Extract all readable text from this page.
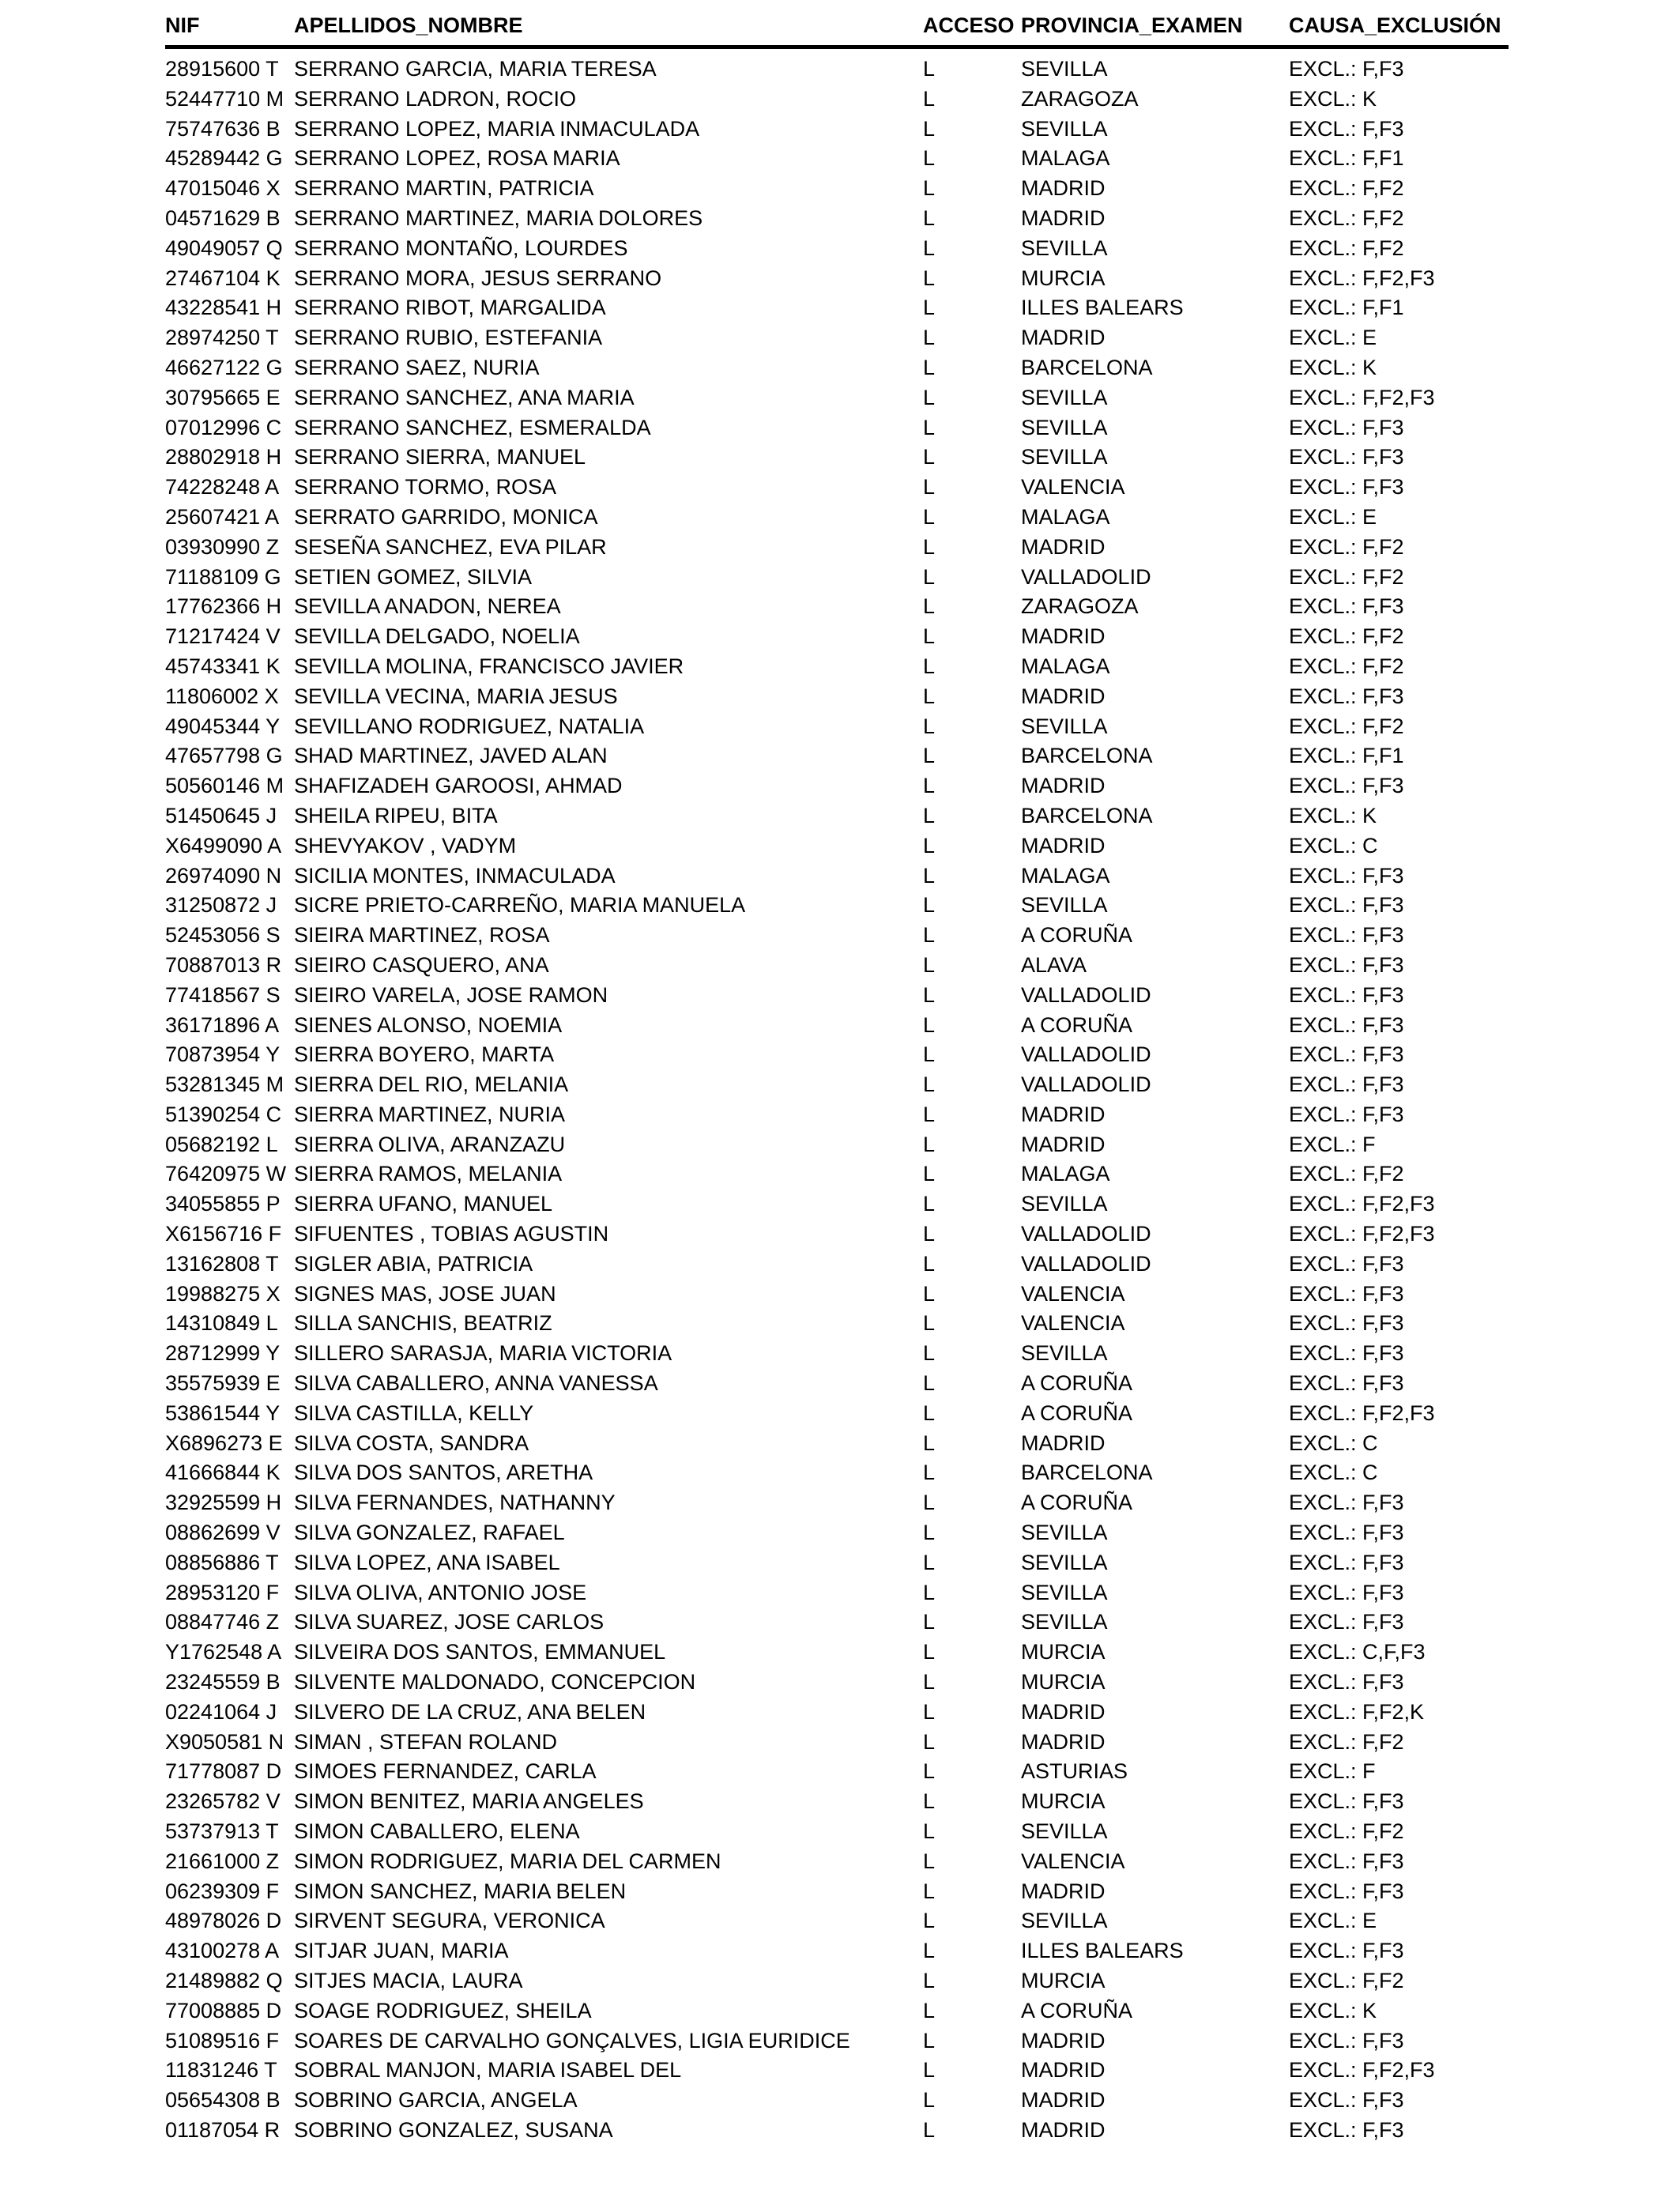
NIF	APELLIDOS_NOMBRE	ACCESO PROVINCIA_EXAMEN	CAUSA_EXCLUSIÓN
28915600 T SERRANO GARCIA, MARIA TERESA	L	SEVILLA	EXCL.: F,F3
52447710 M SERRANO LADRON, ROCIO	L	ZARAGOZA	EXCL.: K
75747636 B SERRANO LOPEZ, MARIA INMACULADA	L	SEVILLA	EXCL.: F,F3
45289442 G SERRANO LOPEZ, ROSA MARIA	L	MALAGA	EXCL.: F,F1
47015046 X SERRANO MARTIN, PATRICIA	L	MADRID	EXCL.: F,F2
04571629 B SERRANO MARTINEZ, MARIA DOLORES	L	MADRID	EXCL.: F,F2
49049057 Q SERRANO MONTAÑO, LOURDES	L	SEVILLA	EXCL.: F,F2
27467104 K SERRANO MORA, JESUS SERRANO	L	MURCIA	EXCL.: F,F2,F3
43228541 H SERRANO RIBOT, MARGALIDA	L	ILLES BALEARS	EXCL.: F,F1
28974250 T SERRANO RUBIO, ESTEFANIA	L	MADRID	EXCL.: E
46627122 G SERRANO SAEZ, NURIA	L	BARCELONA	EXCL.: K
30795665 E SERRANO SANCHEZ, ANA MARIA	L	SEVILLA	EXCL.: F,F2,F3
07012996 C SERRANO SANCHEZ, ESMERALDA	L	SEVILLA	EXCL.: F,F3
28802918 H SERRANO SIERRA, MANUEL	L	SEVILLA	EXCL.: F,F3
74228248 A SERRANO TORMO, ROSA	L	VALENCIA	EXCL.: F,F3
25607421 A SERRATO GARRIDO, MONICA	L	MALAGA	EXCL.: E
03930990 Z SESEÑA SANCHEZ, EVA PILAR	L	MADRID	EXCL.: F,F2
71188109 G SETIEN GOMEZ, SILVIA	L	VALLADOLID	EXCL.: F,F2
17762366 H SEVILLA ANADON, NEREA	L	ZARAGOZA	EXCL.: F,F3
71217424 V SEVILLA DELGADO, NOELIA	L	MADRID	EXCL.: F,F2
45743341 K SEVILLA MOLINA, FRANCISCO JAVIER	L	MALAGA	EXCL.: F,F2
11806002 X SEVILLA VECINA, MARIA JESUS	L	MADRID	EXCL.: F,F3
49045344 Y SEVILLANO RODRIGUEZ, NATALIA	L	SEVILLA	EXCL.: F,F2
47657798 G SHAD MARTINEZ, JAVED ALAN	L	BARCELONA	EXCL.: F,F1
50560146 M SHAFIZADEH GAROOSI, AHMAD	L	MADRID	EXCL.: F,F3
51450645 J SHEILA RIPEU, BITA	L	BARCELONA	EXCL.: K
X6499090 A SHEVYAKOV , VADYM	L	MADRID	EXCL.: C
26974090 N SICILIA MONTES, INMACULADA	L	MALAGA	EXCL.: F,F3
31250872 J SICRE PRIETO-CARREÑO, MARIA MANUELA	L	SEVILLA	EXCL.: F,F3
52453056 S SIEIRA MARTINEZ, ROSA	L	A CORUÑA	EXCL.: F,F3
70887013 R SIEIRO CASQUERO, ANA	L	ALAVA	EXCL.: F,F3
77418567 S SIEIRO VARELA, JOSE RAMON	L	VALLADOLID	EXCL.: F,F3
36171896 A SIENES ALONSO, NOEMIA	L	A CORUÑA	EXCL.: F,F3
70873954 Y SIERRA BOYERO, MARTA	L	VALLADOLID	EXCL.: F,F3
53281345 M SIERRA DEL RIO, MELANIA	L	VALLADOLID	EXCL.: F,F3
51390254 C SIERRA MARTINEZ, NURIA	L	MADRID	EXCL.: F,F3
05682192 L SIERRA OLIVA, ARANZAZU	L	MADRID	EXCL.: F
76420975 W SIERRA RAMOS, MELANIA	L	MALAGA	EXCL.: F,F2
34055855 P SIERRA UFANO, MANUEL	L	SEVILLA	EXCL.: F,F2,F3
X6156716 F SIFUENTES , TOBIAS AGUSTIN	L	VALLADOLID	EXCL.: F,F2,F3
13162808 T SIGLER ABIA, PATRICIA	L	VALLADOLID	EXCL.: F,F3
19988275 X SIGNES MAS, JOSE JUAN	L	VALENCIA	EXCL.: F,F3
14310849 L SILLA SANCHIS, BEATRIZ	L	VALENCIA	EXCL.: F,F3
28712999 Y SILLERO SARASJA, MARIA VICTORIA	L	SEVILLA	EXCL.: F,F3
35575939 E SILVA CABALLERO, ANNA VANESSA	L	A CORUÑA	EXCL.: F,F3
53861544 Y SILVA CASTILLA, KELLY	L	A CORUÑA	EXCL.: F,F2,F3
X6896273 E SILVA COSTA, SANDRA	L	MADRID	EXCL.: C
41666844 K SILVA DOS SANTOS, ARETHA	L	BARCELONA	EXCL.: C
32925599 H SILVA FERNANDES, NATHANNY	L	A CORUÑA	EXCL.: F,F3
08862699 V SILVA GONZALEZ, RAFAEL	L	SEVILLA	EXCL.: F,F3
08856886 T SILVA LOPEZ, ANA ISABEL	L	SEVILLA	EXCL.: F,F3
28953120 F SILVA OLIVA, ANTONIO JOSE	L	SEVILLA	EXCL.: F,F3
08847746 Z SILVA SUAREZ, JOSE CARLOS	L	SEVILLA	EXCL.: F,F3
Y1762548 A SILVEIRA DOS SANTOS, EMMANUEL	L	MURCIA	EXCL.: C,F,F3
23245559 B SILVENTE MALDONADO, CONCEPCION	L	MURCIA	EXCL.: F,F3
02241064 J SILVERO DE LA CRUZ, ANA BELEN	L	MADRID	EXCL.: F,F2,K
X9050581 N SIMAN , STEFAN ROLAND	L	MADRID	EXCL.: F,F2
71778087 D SIMOES FERNANDEZ, CARLA	L	ASTURIAS	EXCL.: F
23265782 V SIMON BENITEZ, MARIA ANGELES	L	MURCIA	EXCL.: F,F3
53737913 T SIMON CABALLERO, ELENA	L	SEVILLA	EXCL.: F,F2
21661000 Z SIMON RODRIGUEZ, MARIA DEL CARMEN	L	VALENCIA	EXCL.: F,F3
06239309 F SIMON SANCHEZ, MARIA BELEN	L	MADRID	EXCL.: F,F3
48978026 D SIRVENT SEGURA, VERONICA	L	SEVILLA	EXCL.: E
43100278 A SITJAR JUAN, MARIA	L	ILLES BALEARS	EXCL.: F,F3
21489882 Q SITJES MACIA, LAURA	L	MURCIA	EXCL.: F,F2
77008885 D SOAGE RODRIGUEZ, SHEILA	L	A CORUÑA	EXCL.: K
51089516 F SOARES DE CARVALHO GONÇALVES, LIGIA EURIDICE	L	MADRID	EXCL.: F,F3
11831246 T SOBRAL MANJON, MARIA ISABEL DEL	L	MADRID	EXCL.: F,F2,F3
05654308 B SOBRINO GARCIA, ANGELA	L	MADRID	EXCL.: F,F3
01187054 R SOBRINO GONZALEZ, SUSANA	L	MADRID	EXCL.: F,F3
